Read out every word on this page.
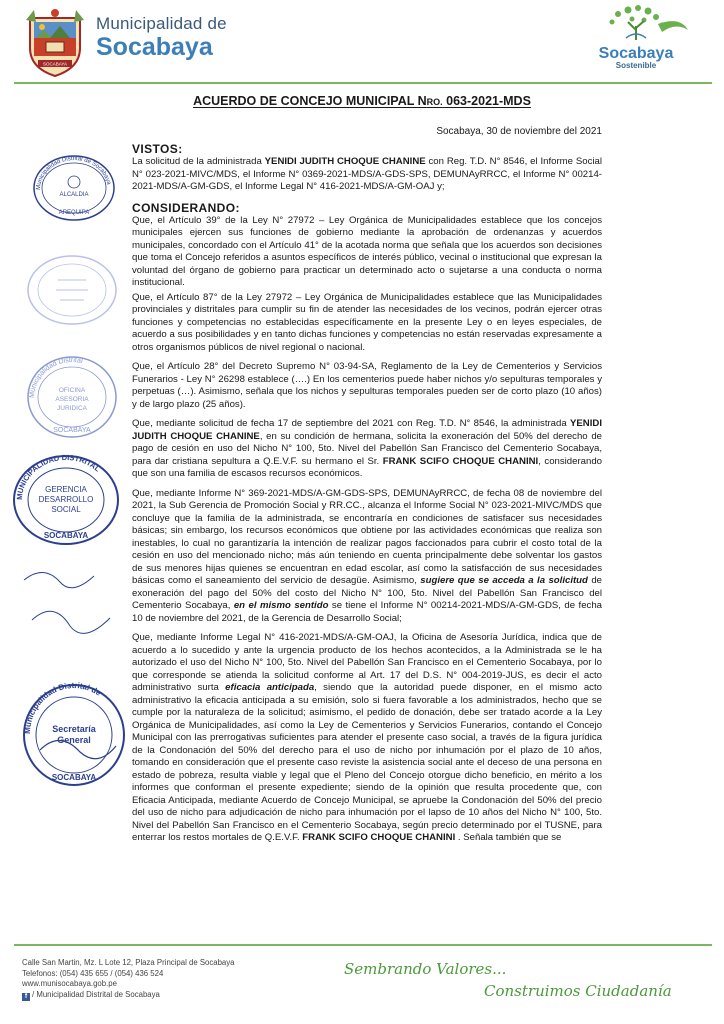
SOCABAYA
Municipalidad de
Socabaya	Socabaya
Sostenible
ACUERDO DE CONCEJO MUNICIPAL NRO. 063-2021-MDS
Socabaya, 30 de noviembre del 2021
VISTOS:

La solicitud de la administrada YENIDI JUDITH CHOQUE CHANINE con Reg. T.D. N° 8546, el Informe Social N° 023-2021-MIVC/MDS, el Informe N° 0369-2021-MDS/A-GDS-SPS, DEMUNAyRRCC, el Informe N° 00214-2021-MDS/A-GM-GDS, el Informe Legal N° 416-2021-MDS/A-GM-OAJ y;

CONSIDERANDO:

Que, el Artículo 39° de la Ley N° 27972 – Ley Orgánica de Municipalidades establece que los concejos municipales ejercen sus funciones de gobierno mediante la aprobación de ordenanzas y acuerdos municipales, concordado con el Artículo 41° de la acotada norma que señala que los acuerdos son decisiones que toma el Concejo referidos a asuntos específicos de interés público, vecinal o institucional que expresan la voluntad del órgano de gobierno para practicar un determinado acto o sujetarse a una conducta o norma institucional.

Que, el Artículo 87° de la Ley 27972 – Ley Orgánica de Municipalidades establece que las Municipalidades provinciales y distritales para cumplir su fin de atender las necesidades de los vecinos, podrán ejercer otras funciones y competencias no establecidas específicamente en la presente Ley o en leyes especiales, de acuerdo a sus posibilidades y en tanto dichas funciones y competencias no están reservadas expresamente a otros organismos públicos de nivel regional o nacional.

Que, el Artículo 28° del Decreto Supremo N° 03-94-SA, Reglamento de la Ley de Cementerios y Servicios Funerarios - Ley N° 26298 establece (….) En los cementerios puede haber nichos y/o sepulturas temporales y perpetuas (…). Asimismo, señala que los nichos y sepulturas temporales pueden ser de corto plazo (10 años) y de largo plazo (25 años).

Que, mediante solicitud de fecha 17 de septiembre del 2021 con Reg. T.D. N° 8546, la administrada YENIDI JUDITH CHOQUE CHANINE, en su condición de hermana, solicita la exoneración del 50% del derecho de pago de cesión en uso del Nicho N° 100, 5to. Nivel del Pabellón San Francisco del Cementerio Socabaya, para dar cristiana sepultura a Q.E.V.F. su hermano el Sr. FRANK SCIFO CHOQUE CHANINI, considerando que son una familia de escasos recursos económicos.

Que, mediante Informe N° 369-2021-MDS/A-GM-GDS-SPS, DEMUNAyRRCC, de fecha 08 de noviembre del 2021, la Sub Gerencia de Promoción Social y RR.CC., alcanza el Informe Social N° 023-2021-MIVC/MDS que concluye que la familia de la administrada, se encontraría en condiciones de satisfacer sus necesidades básicas; sin embargo, los recursos económicos que obtiene por las actividades económicas que realiza son inestables, lo cual no garantizaría la intención de realizar pagos faccionados para cubrir el costo total de la cesión en uso del mencionado nicho; más aún teniendo en cuenta principalmente debe solventar los gastos de sus menores hijas quienes se encuentran en edad escolar, así como la satisfacción de sus necesidades básicas como el saneamiento del servicio de desagüe. Asimismo, sugiere que se acceda a la solicitud de exoneración del pago del 50% del costo del Nicho N° 100, 5to. Nivel del Pabellón San Francisco del Cementerio Socabaya, en el mismo sentido se tiene el Informe N° 00214-2021-MDS/A-GM-GDS, de fecha 10 de noviembre del 2021, de la Gerencia de Desarrollo Social;

Que, mediante Informe Legal N° 416-2021-MDS/A-GM-OAJ, la Oficina de Asesoría Jurídica, indica que de acuerdo a lo sucedido y ante la urgencia producto de los hechos acontecidos, a la Administrada se le ha autorizado el uso del Nicho N° 100, 5to. Nivel del Pabellón San Francisco en el Cementerio Socabaya, por lo que corresponde se atienda la solicitud conforme al Art. 17 del D.S. N° 004-2019-JUS, es decir el acto administrativo surta eficacia anticipada, siendo que la autoridad puede disponer, en el mismo acto administrativo la eficacia anticipada a su emisión, solo si fuera favorable a los administrados, hecho que se cumple por la naturaleza de la solicitud; asimismo, el pedido de donación, debe ser tratado acorde a la Ley Orgánica de Municipalidades, así como la Ley de Cementerios y Servicios Funerarios, contando el Concejo Municipal con las prerrogativas suficientes para atender el presente caso social, a través de la figura jurídica de la Condonación del 50% del derecho para el uso de nicho por inhumación por el plazo de 10 años, tomando en consideración que el presente caso reviste la asistencia social ante el deceso de una persona en estado de pobreza, resulta viable y legal que el Pleno del Concejo otorgue dicho beneficio, en mérito a los informes que conforman el presente expediente; siendo de la opinión que resulta procedente que, con Eficacia Anticipada, mediante Acuerdo de Concejo Municipal, se apruebe la Condonación del 50% del precio del uso de nicho para adjudicación de nicho para inhumación por el lapso de 10 años del Nicho N° 100, 5to. Nivel del Pabellón San Francisco en el Cementerio Socabaya, según precio determinado por el TUSNE, para enterrar los restos mortales de Q.E.V.F. FRANK SCIFO CHOQUE CHANINI . Señala también que se

Municipalidad Distrital de Socabaya
ALCALDIA
AREQUIPA
Municipalidad Distrital
OFICINA
ASESORIA
JURIDICA
SOCABAYA
MUNICIPALIDAD DISTRITAL
GERENCIA
DESARROLLO
SOCIAL
SOCABAYA
Municipalidad Distrital de
Secretaría
General
SOCABAYA
Calle San Martin, Mz. L Lote 12, Plaza Principal de Socabaya
Telefonos: (054) 435 655 / (054) 436 524
www.munisocabaya.gob.pe
f / Municipalidad Distrital de Socabaya
Sembrando Valores...
Construimos Ciudadanía
